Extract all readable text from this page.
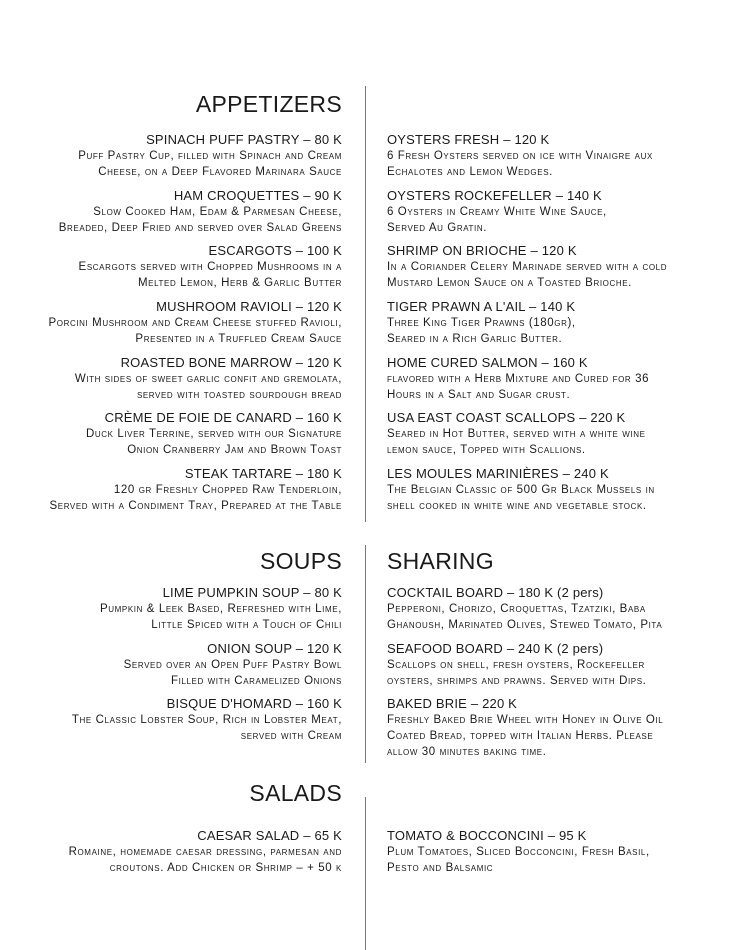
APPETIZERS
SPINACH PUFF PASTRY – 80 K
Puff Pastry Cup, filled with Spinach and Cream
Cheese, on a Deep Flavored Marinara Sauce
HAM CROQUETTES – 90 K
Slow Cooked Ham, Edam & Parmesan Cheese,
Breaded, Deep Fried and served over Salad Greens
ESCARGOTS – 100 K
Escargots served with Chopped Mushrooms in a
Melted Lemon, Herb & Garlic Butter
MUSHROOM RAVIOLI – 120 K
Porcini Mushroom and Cream Cheese stuffed Ravioli,
Presented in a Truffled Cream Sauce
ROASTED BONE MARROW – 120 K
With sides of sweet garlic confit and gremolata,
served with toasted sourdough bread
CRÈME DE FOIE DE CANARD – 160 K
Duck Liver Terrine, served with our Signature
Onion Cranberry Jam and Brown Toast
STEAK TARTARE – 180 K
120 gr Freshly Chopped Raw Tenderloin,
Served with a Condiment Tray, Prepared at the Table
OYSTERS FRESH – 120 K
6 Fresh Oysters served on ice with Vinaigre aux
Echalotes and Lemon Wedges.
OYSTERS ROCKEFELLER – 140 K
6 Oysters in Creamy White Wine Sauce,
Served Au Gratin.
SHRIMP ON BRIOCHE – 120 K
In a Coriander Celery Marinade served with a cold
Mustard Lemon Sauce on a Toasted Brioche.
TIGER PRAWN A L'AIL – 140 K
Three King Tiger Prawns (180gr),
Seared in a Rich Garlic Butter.
HOME CURED SALMON – 160 K
flavored with a Herb Mixture and Cured for 36
Hours in a Salt and Sugar crust.
USA EAST COAST SCALLOPS – 220 K
Seared in Hot Butter, served with a white wine
lemon sauce, Topped with Scallions.
LES MOULES MARINIÈRES – 240 K
The Belgian Classic of 500 Gr Black Mussels in
shell cooked in white wine and vegetable stock.
SOUPS
LIME PUMPKIN SOUP – 80 K
Pumpkin & Leek Based, Refreshed with Lime,
Little Spiced with a Touch of Chili
ONION SOUP – 120 K
Served over an Open Puff Pastry Bowl
Filled with Caramelized Onions
BISQUE D'HOMARD – 160 K
The Classic Lobster Soup, Rich in Lobster Meat,
served with Cream
SHARING
COCKTAIL BOARD – 180 K (2 pers)
Pepperoni, Chorizo, Croquettas, Tzatziki, Baba
Ghanoush, Marinated Olives, Stewed Tomato, Pita
SEAFOOD BOARD – 240 K (2 pers)
Scallops on shell, fresh oysters, Rockefeller
oysters, shrimps and prawns. Served with Dips.
BAKED BRIE – 220 K
Freshly Baked Brie Wheel with Honey in Olive Oil
Coated Bread, topped with Italian Herbs. Please
allow 30 minutes baking time.
SALADS
CAESAR SALAD – 65 K
Romaine, homemade caesar dressing, parmesan and
croutons. Add Chicken or Shrimp – + 50 k
TOMATO & BOCCONCINI – 95 K
Plum Tomatoes, Sliced Bocconcini, Fresh Basil,
Pesto and Balsamic
